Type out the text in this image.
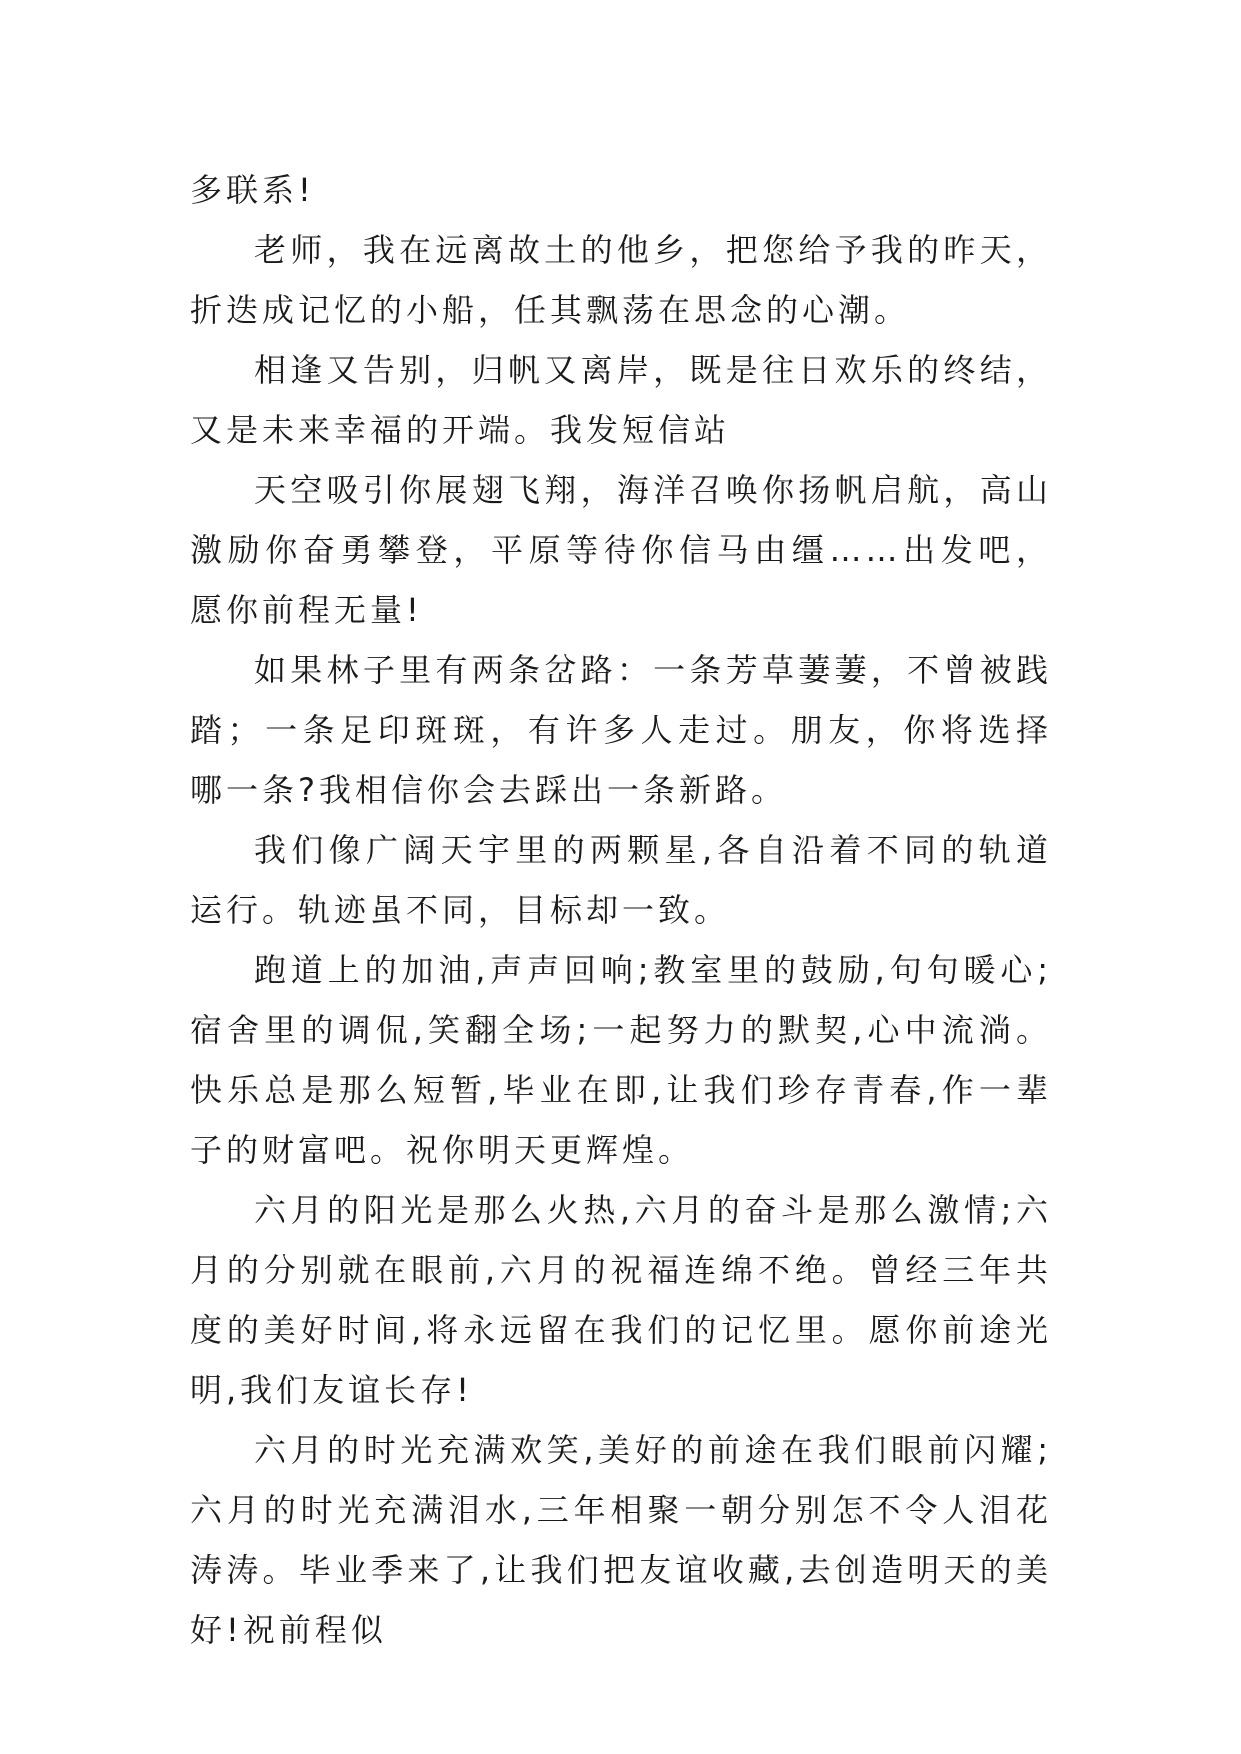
多联系!

老师，我在远离故土的他乡，把您给予我的昨天，折迭成记忆的小船，任其飘荡在思念的心潮。

相逢又告别，归帆又离岸，既是往日欢乐的终结，又是未来幸福的开端。我发短信站

天空吸引你展翅飞翔，海洋召唤你扬帆启航，高山激励你奋勇攀登，平原等待你信马由缰……出发吧，愿你前程无量!

如果林子里有两条岔路：一条芳草萋萋，不曾被践踏；一条足印斑斑，有许多人走过。朋友，你将选择哪一条?我相信你会去踩出一条新路。

我们像广阔天宇里的两颗星,各自沿着不同的轨道运行。轨迹虽不同，目标却一致。

跑道上的加油,声声回响;教室里的鼓励,句句暖心;宿舍里的调侃,笑翻全场;一起努力的默契,心中流淌。快乐总是那么短暂,毕业在即,让我们珍存青春,作一辈子的财富吧。祝你明天更辉煌。

六月的阳光是那么火热,六月的奋斗是那么激情;六月的分别就在眼前,六月的祝福连绵不绝。曾经三年共度的美好时间,将永远留在我们的记忆里。愿你前途光明,我们友谊长存!

六月的时光充满欢笑,美好的前途在我们眼前闪耀;六月的时光充满泪水,三年相聚一朝分别怎不令人泪花涛涛。毕业季来了,让我们把友谊收藏,去创造明天的美好!祝前程似
